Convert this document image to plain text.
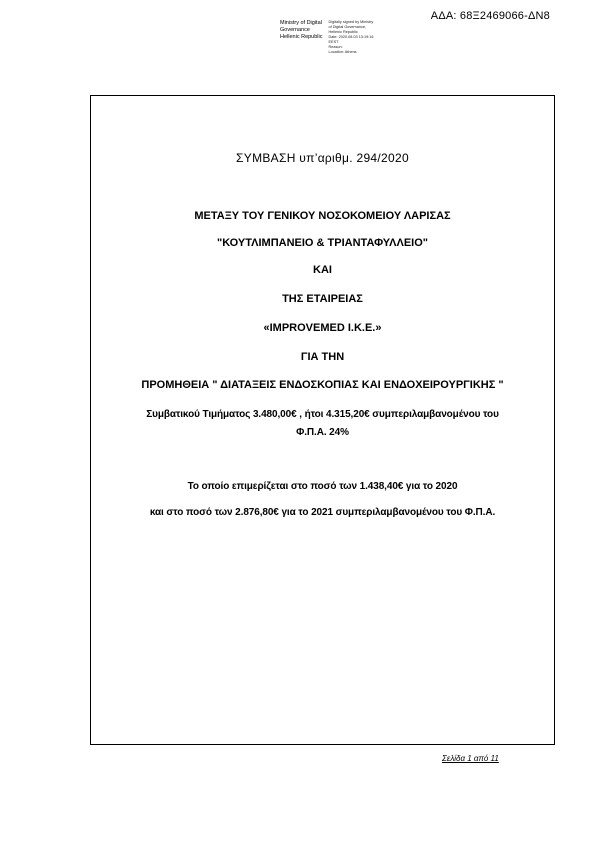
ΑΔΑ: 68Ξ2469066-ΔΝ8
Ministry of Digital
Governance
Hellenic Republic
Digitally signed by Ministry
of Digital Governance,
Hellenic Republic
Date: 2020.08.03 13:19:16
EEST
Reason:
Location: Athens
ΣΥΜΒΑΣΗ υπ’αριθμ. 294/2020
ΜΕΤΑΞΥ ΤΟΥ ΓΕΝΙΚΟΥ ΝΟΣΟΚΟΜΕΙΟΥ ΛΑΡΙΣΑΣ
"ΚΟΥΤΛΙΜΠΑΝΕΙΟ & ΤΡΙΑΝΤΑΦΥΛΛΕΙΟ"
ΚΑΙ
ΤΗΣ ΕΤΑΙΡΕΙΑΣ
«IMPROVEMED Ι.Κ.Ε.»
ΓΙΑ ΤΗΝ
ΠΡΟΜΗΘΕΙΑ " ΔΙΑΤΑΞΕΙΣ ΕΝΔΟΣΚΟΠΙΑΣ ΚΑΙ ΕΝΔΟΧΕΙΡΟΥΡΓΙΚΗΣ "
Συμβατικού Τιμήματος 3.480,00€ , ήτοι 4.315,20€ συμπεριλαμβανομένου του
Φ.Π.Α. 24%
Το οποίο επιμερίζεται στο ποσό των 1.438,40€ για το 2020
και στο ποσό των 2.876,80€ για το 2021 συμπεριλαμβανομένου του Φ.Π.Α.
Σελίδα 1 από 11
